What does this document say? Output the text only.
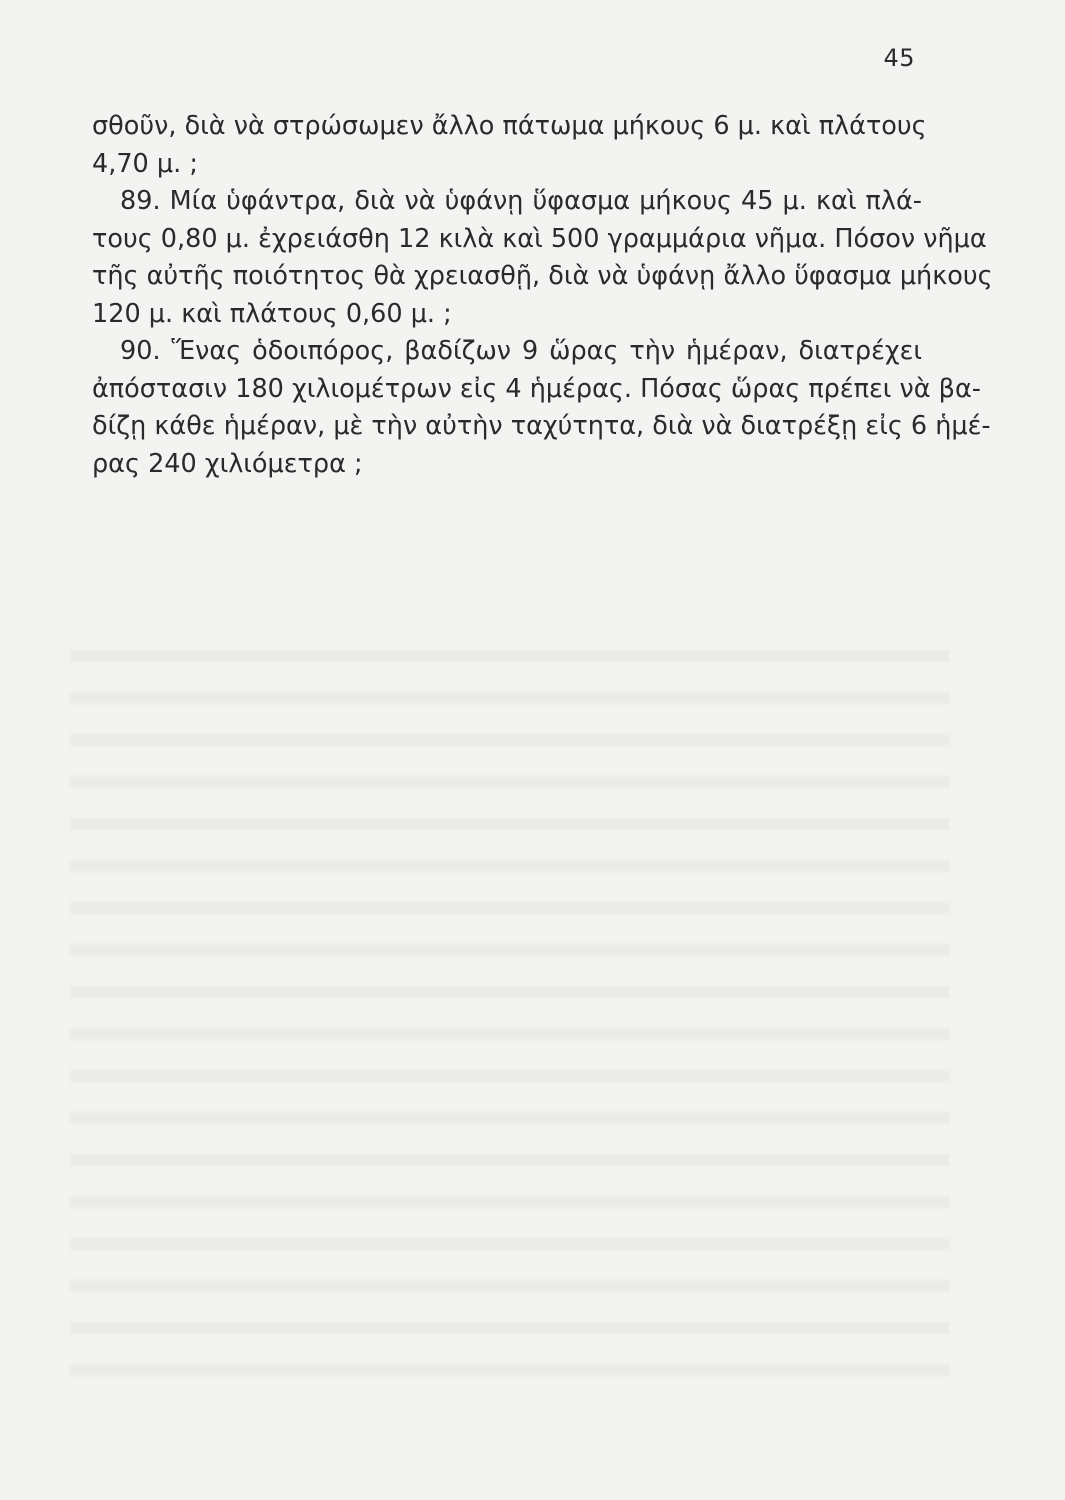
45
σθοῦν, διὰ νὰ στρώσωμεν ἄλλο πάτωμα μήκους 6 μ. καὶ πλάτους
4,70 μ. ;
89. Μία ὑφάντρα, διὰ νὰ ὑφάνῃ ὕφασμα μήκους 45 μ. καὶ πλά-
τους 0,80 μ. ἐχρειάσθη 12 κιλὰ καὶ 500 γραμμάρια νῆμα. Πόσον νῆμα
τῆς αὐτῆς ποιότητος θὰ χρειασθῇ, διὰ νὰ ὑφάνῃ ἄλλο ὕφασμα μήκους
120 μ. καὶ πλάτους 0,60 μ. ;
90. Ἕνας ὁδοιπόρος, βαδίζων 9 ὥρας τὴν ἡμέραν, διατρέχει
ἀπόστασιν 180 χιλιομέτρων εἰς 4 ἡμέρας. Πόσας ὥρας πρέπει νὰ βα-
δίζῃ κάθε ἡμέραν, μὲ τὴν αὐτὴν ταχύτητα, διὰ νὰ διατρέξῃ εἰς 6 ἡμέ-
ρας 240 χιλιόμετρα ;
